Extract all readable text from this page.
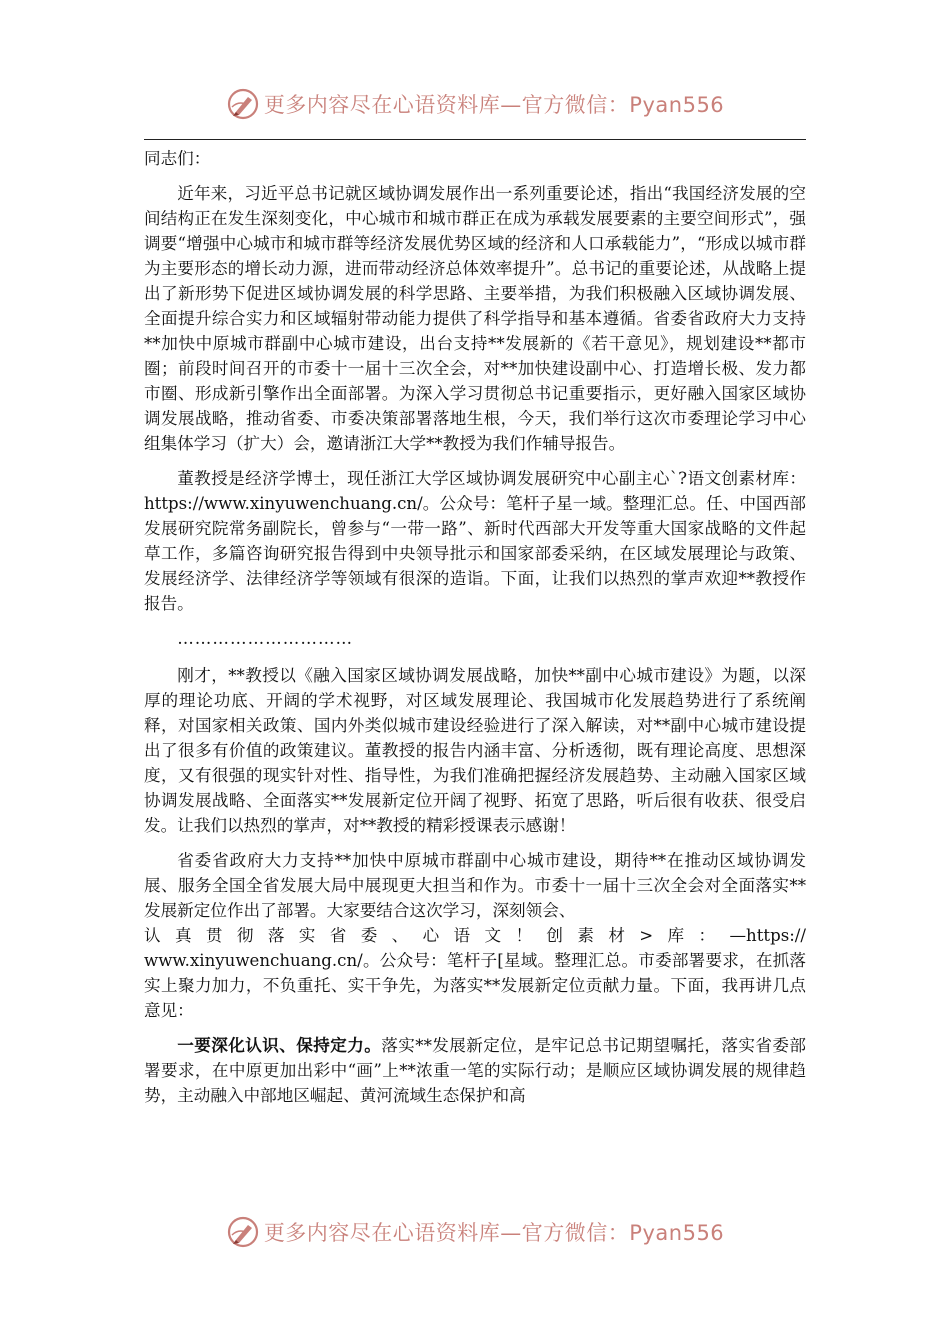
更多内容尽在心语资料库—官方微信：Pyan556

同志们：

近年来，习近平总书记就区域协调发展作出一系列重要论述，指出“我国经济发展的空间结构正在发生深刻变化，中心城市和城市群正在成为承载发展要素的主要空间形式”，强调要“增强中心城市和城市群等经济发展优势区域的经济和人口承载能力”，“形成以城市群为主要形态的增长动力源，进而带动经济总体效率提升”。总书记的重要论述，从战略上提出了新形势下促进区域协调发展的科学思路、主要举措，为我们积极融入区域协调发展、全面提升综合实力和区域辐射带动能力提供了科学指导和基本遵循。省委省政府大力支持**加快中原城市群副中心城市建设，出台支持**发展新的《若干意见》，规划建设**都市圈；前段时间召开的市委十一届十三次全会，对**加快建设副中心、打造增长极、发力都市圈、形成新引擎作出全面部署。为深入学习贯彻总书记重要指示，更好融入国家区域协调发展战略，推动省委、市委决策部署落地生根，今天，我们举行这次市委理论学习中心组集体学习（扩大）会，邀请浙江大学**教授为我们作辅导报告。

董教授是经济学博士，现任浙江大学区域协调发展研究中心副主心`?语文创素材库：https://www.xinyuwenchuang.cn/。公众号：笔杆子星一域。整理汇总。任、中国西部发展研究院常务副院长，曾参与“一带一路”、新时代西部大开发等重大国家战略的文件起草工作，多篇咨询研究报告得到中央领导批示和国家部委采纳，在区域发展理论与政策、发展经济学、法律经济学等领域有很深的造诣。下面，让我们以热烈的掌声欢迎**教授作报告。

…………………………

刚才，**教授以《融入国家区域协调发展战略，加快**副中心城市建设》为题，以深厚的理论功底、开阔的学术视野，对区域发展理论、我国城市化发展趋势进行了系统阐释，对国家相关政策、国内外类似城市建设经验进行了深入解读，对**副中心城市建设提出了很多有价值的政策建议。董教授的报告内涵丰富、分析透彻，既有理论高度、思想深度，又有很强的现实针对性、指导性，为我们准确把握经济发展趋势、主动融入国家区域协调发展战略、全面落实**发展新定位开阔了视野、拓宽了思路，听后很有收获、很受启发。让我们以热烈的掌声，对**教授的精彩授课表示感谢！

省委省政府大力支持**加快中原城市群副中心城市建设，期待**在推动区域协调发展、服务全国全省发展大局中展现更大担当和作为。市委十一届十三次全会对全面落实**发展新定位作出了部署。大家要结合这次学习，深刻领会、

认真贯彻落实省委、心语文！创素材>库：—https://

www.xinyuwenchuang.cn/。公众号：笔杆子[星域。整理汇总。市委部署要求，在抓落实上聚力加力，不负重托、实干争先，为落实**发展新定位贡献力量。下面，我再讲几点意见：

一要深化认识、保持定力。落实**发展新定位，是牢记总书记期望嘱托，落实省委部署要求，在中原更加出彩中“画”上**浓重一笔的实际行动；是顺应区域协调发展的规律趋势，主动融入中部地区崛起、黄河流域生态保护和高

更多内容尽在心语资料库—官方微信：Pyan556
